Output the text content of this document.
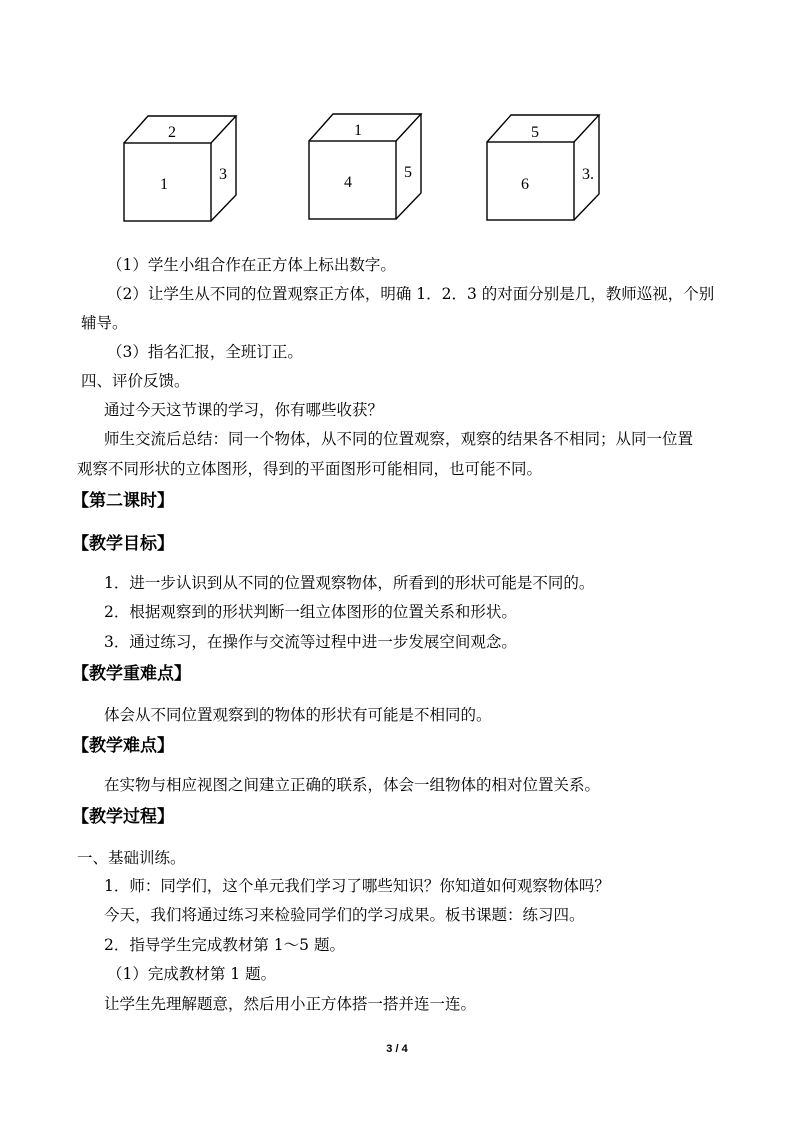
2
1
3
1
4
5
5
6
3.
（1）学生小组合作在正方体上标出数字。
（2）让学生从不同的位置观察正方体，明确 1．2．3 的对面分别是几，教师巡视，个别
辅导。
（3）指名汇报，全班订正。
四、评价反馈。
通过今天这节课的学习，你有哪些收获？
师生交流后总结：同一个物体，从不同的位置观察，观察的结果各不相同；从同一位置
观察不同形状的立体图形，得到的平面图形可能相同，也可能不同。
【第二课时】
【教学目标】
1．进一步认识到从不同的位置观察物体，所看到的形状可能是不同的。
2．根据观察到的形状判断一组立体图形的位置关系和形状。
3．通过练习，在操作与交流等过程中进一步发展空间观念。
【教学重难点】
体会从不同位置观察到的物体的形状有可能是不相同的。
【教学难点】
在实物与相应视图之间建立正确的联系，体会一组物体的相对位置关系。
【教学过程】
一、基础训练。
1．师：同学们，这个单元我们学习了哪些知识？你知道如何观察物体吗？
今天，我们将通过练习来检验同学们的学习成果。板书课题：练习四。
2．指导学生完成教材第 1～5 题。
（1）完成教材第 1 题。
让学生先理解题意，然后用小正方体搭一搭并连一连。
3 / 4
